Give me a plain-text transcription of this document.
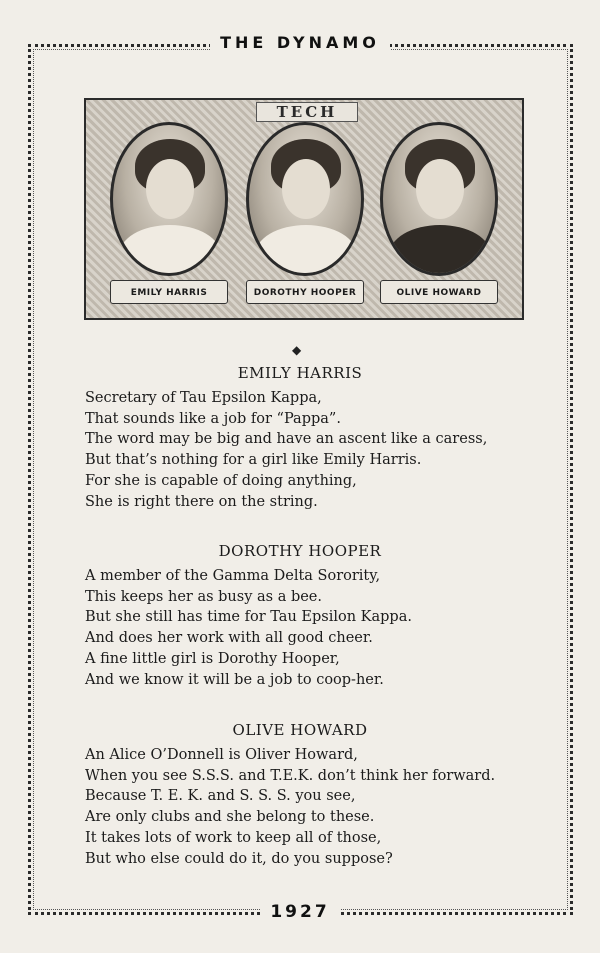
THE DYNAMO
TECH
EMILY HARRIS	DOROTHY HOOPER	OLIVE HOWARD
◆
EMILY HARRIS
Secretary of Tau Epsilon Kappa,
That sounds like a job for “Pappa”.
The word may be big and have an ascent like a caress,
But that’s nothing for a girl like Emily Harris.
For she is capable of doing anything,
She is right there on the string.
DOROTHY HOOPER
A member of the Gamma Delta Sorority,
This keeps her as busy as a bee.
But she still has time for Tau Epsilon Kappa.
And does her work with all good cheer.
A fine little girl is Dorothy Hooper,
And we know it will be a job to coop-her.
OLIVE HOWARD
An Alice O’Donnell is Oliver Howard,
When you see S.S.S. and T.E.K. don’t think her forward.
Because T. E. K. and S. S. S. you see,
Are only clubs and she belong to these.
It takes lots of work to keep all of those,
But who else could do it, do you suppose?
1927
